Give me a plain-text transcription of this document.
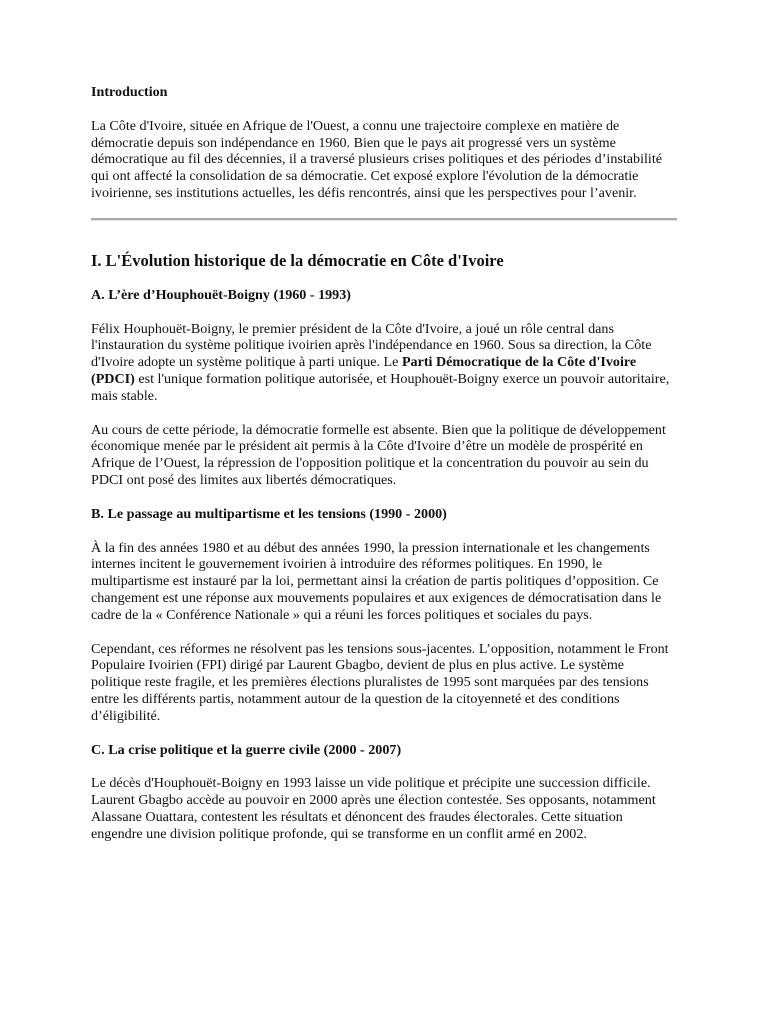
Introduction

La Côte d'Ivoire, située en Afrique de l'Ouest, a connu une trajectoire complexe en matière de démocratie depuis son indépendance en 1960. Bien que le pays ait progressé vers un système démocratique au fil des décennies, il a traversé plusieurs crises politiques et des périodes d’instabilité qui ont affecté la consolidation de sa démocratie. Cet exposé explore l'évolution de la démocratie ivoirienne, ses institutions actuelles, les défis rencontrés, ainsi que les perspectives pour l’avenir.

I. L'Évolution historique de la démocratie en Côte d'Ivoire

A. L’ère d’Houphouët-Boigny (1960 - 1993)

Félix Houphouët-Boigny, le premier président de la Côte d'Ivoire, a joué un rôle central dans l'instauration du système politique ivoirien après l'indépendance en 1960. Sous sa direction, la Côte d'Ivoire adopte un système politique à parti unique. Le Parti Démocratique de la Côte d'Ivoire (PDCI) est l'unique formation politique autorisée, et Houphouët-Boigny exerce un pouvoir autoritaire, mais stable.

Au cours de cette période, la démocratie formelle est absente. Bien que la politique de développement économique menée par le président ait permis à la Côte d'Ivoire d’être un modèle de prospérité en Afrique de l’Ouest, la répression de l'opposition politique et la concentration du pouvoir au sein du PDCI ont posé des limites aux libertés démocratiques.

B. Le passage au multipartisme et les tensions (1990 - 2000)

À la fin des années 1980 et au début des années 1990, la pression internationale et les changements internes incitent le gouvernement ivoirien à introduire des réformes politiques. En 1990, le multipartisme est instauré par la loi, permettant ainsi la création de partis politiques d’opposition. Ce changement est une réponse aux mouvements populaires et aux exigences de démocratisation dans le cadre de la « Conférence Nationale » qui a réuni les forces politiques et sociales du pays.

Cependant, ces réformes ne résolvent pas les tensions sous-jacentes. L’opposition, notamment le Front Populaire Ivoirien (FPI) dirigé par Laurent Gbagbo, devient de plus en plus active. Le système politique reste fragile, et les premières élections pluralistes de 1995 sont marquées par des tensions entre les différents partis, notamment autour de la question de la citoyenneté et des conditions d’éligibilité.

C. La crise politique et la guerre civile (2000 - 2007)

Le décès d'Houphouët-Boigny en 1993 laisse un vide politique et précipite une succession difficile. Laurent Gbagbo accède au pouvoir en 2000 après une élection contestée. Ses opposants, notamment Alassane Ouattara, contestent les résultats et dénoncent des fraudes électorales. Cette situation engendre une division politique profonde, qui se transforme en un conflit armé en 2002.
